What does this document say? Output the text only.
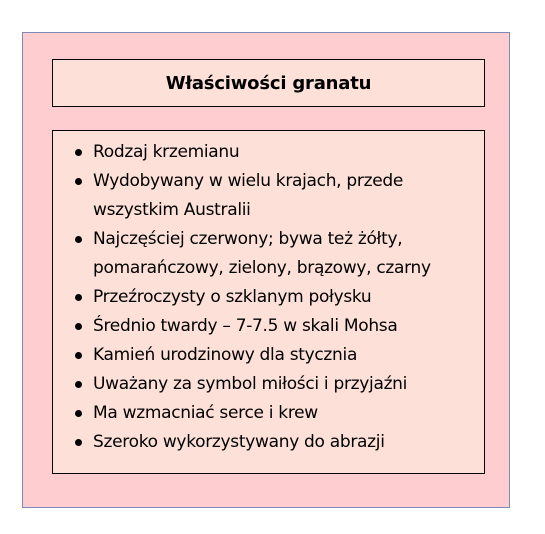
Właściwości granatu
Rodzaj krzemianu
Wydobywany w wielu krajach, przede wszystkim Australii
Najczęściej czerwony; bywa też żółty, pomarańczowy, zielony, brązowy, czarny
Przeźroczysty o szklanym połysku
Średnio twardy – 7-7.5 w skali Mohsa
Kamień urodzinowy dla stycznia
Uważany za symbol miłości i przyjaźni
Ma wzmacniać serce i krew
Szeroko wykorzystywany do abrazji
